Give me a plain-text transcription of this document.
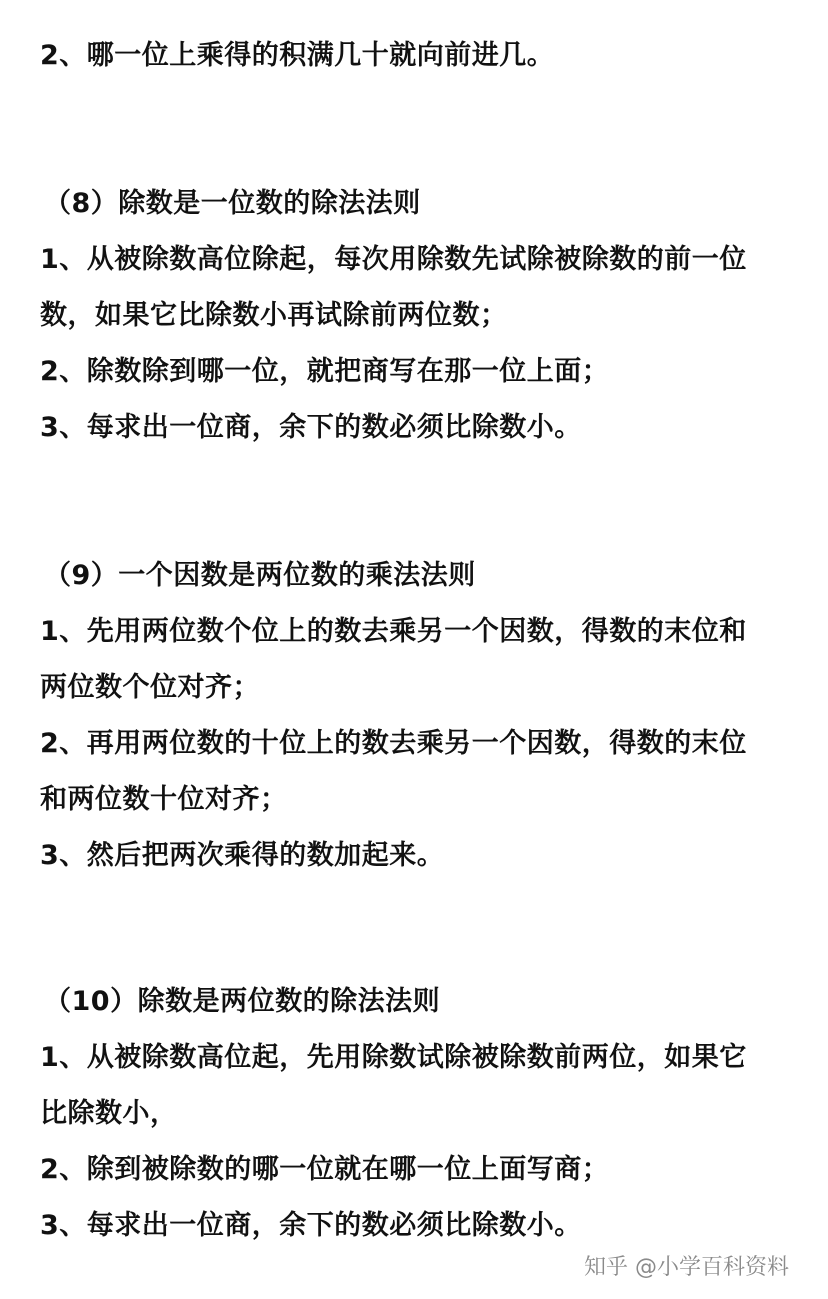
2、哪一位上乘得的积满几十就向前进几。
（8）除数是一位数的除法法则
1、从被除数高位除起，每次用除数先试除被除数的前一位
数，如果它比除数小再试除前两位数；
2、除数除到哪一位，就把商写在那一位上面；
3、每求出一位商，余下的数必须比除数小。
（9）一个因数是两位数的乘法法则
1、先用两位数个位上的数去乘另一个因数，得数的末位和
两位数个位对齐；
2、再用两位数的十位上的数去乘另一个因数，得数的末位
和两位数十位对齐；
3、然后把两次乘得的数加起来。
（10）除数是两位数的除法法则
1、从被除数高位起，先用除数试除被除数前两位，如果它
比除数小，
2、除到被除数的哪一位就在哪一位上面写商；
3、每求出一位商，余下的数必须比除数小。
知乎 @小学百科资料
